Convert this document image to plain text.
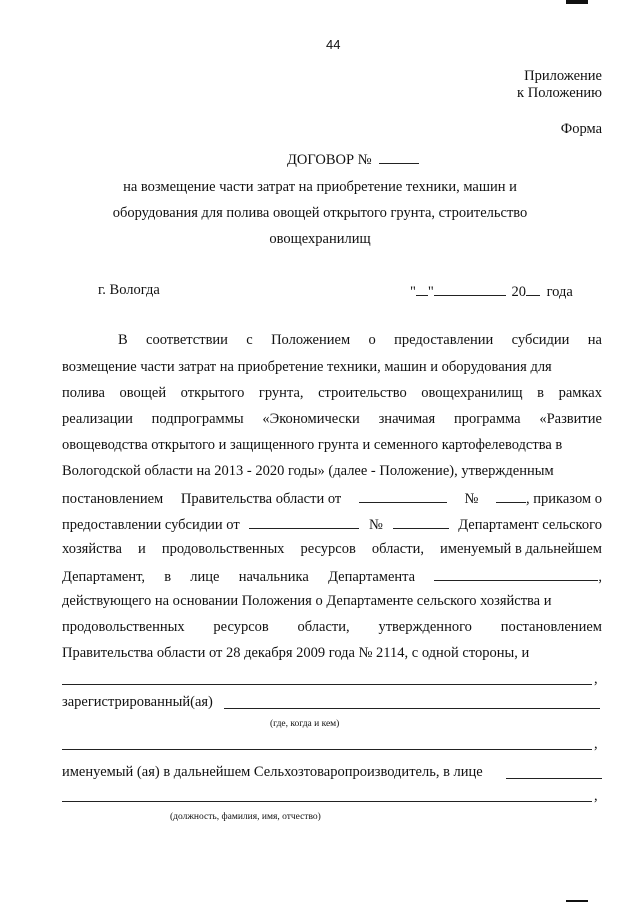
44
Приложение
к Положению
Форма
ДОГОВОР №
на возмещение части затрат на приобретение техники, машин и
оборудования для полива овощей открытого грунта, строительство
овощехранилищ
г. Вологда	" "	20 года
В соответствии с Положением о предоставлении субсидии на
возмещение части затрат на приобретение техники, машин и оборудования для
полива овощей открытого грунта, строительство овощехранилищ в рамках
реализации подпрограммы «Экономически значимая программа «Развитие
овощеводства открытого и защищенного грунта и семенного картофелеводства в
Вологодской области на 2013 - 2020 годы» (далее - Положение), утвержденным
постановлением Правительства области от	№	, приказом о
предоставлении субсидии от	№	Департамент сельского
хозяйства и продовольственных ресурсов области, именуемый в дальнейшем
Департамент, в лице начальника Департамента	,
действующего на основании Положения о Департаменте сельского хозяйства и
продовольственных ресурсов области, утвержденного постановлением
Правительства области от 28 декабря 2009 года № 2114, с одной стороны, и
,
зарегистрированный(ая)
(где, когда и кем)
,
именуемый (ая) в дальнейшем Сельхозтоваропроизводитель, в лице
,
(должность, фамилия, имя, отчество)
